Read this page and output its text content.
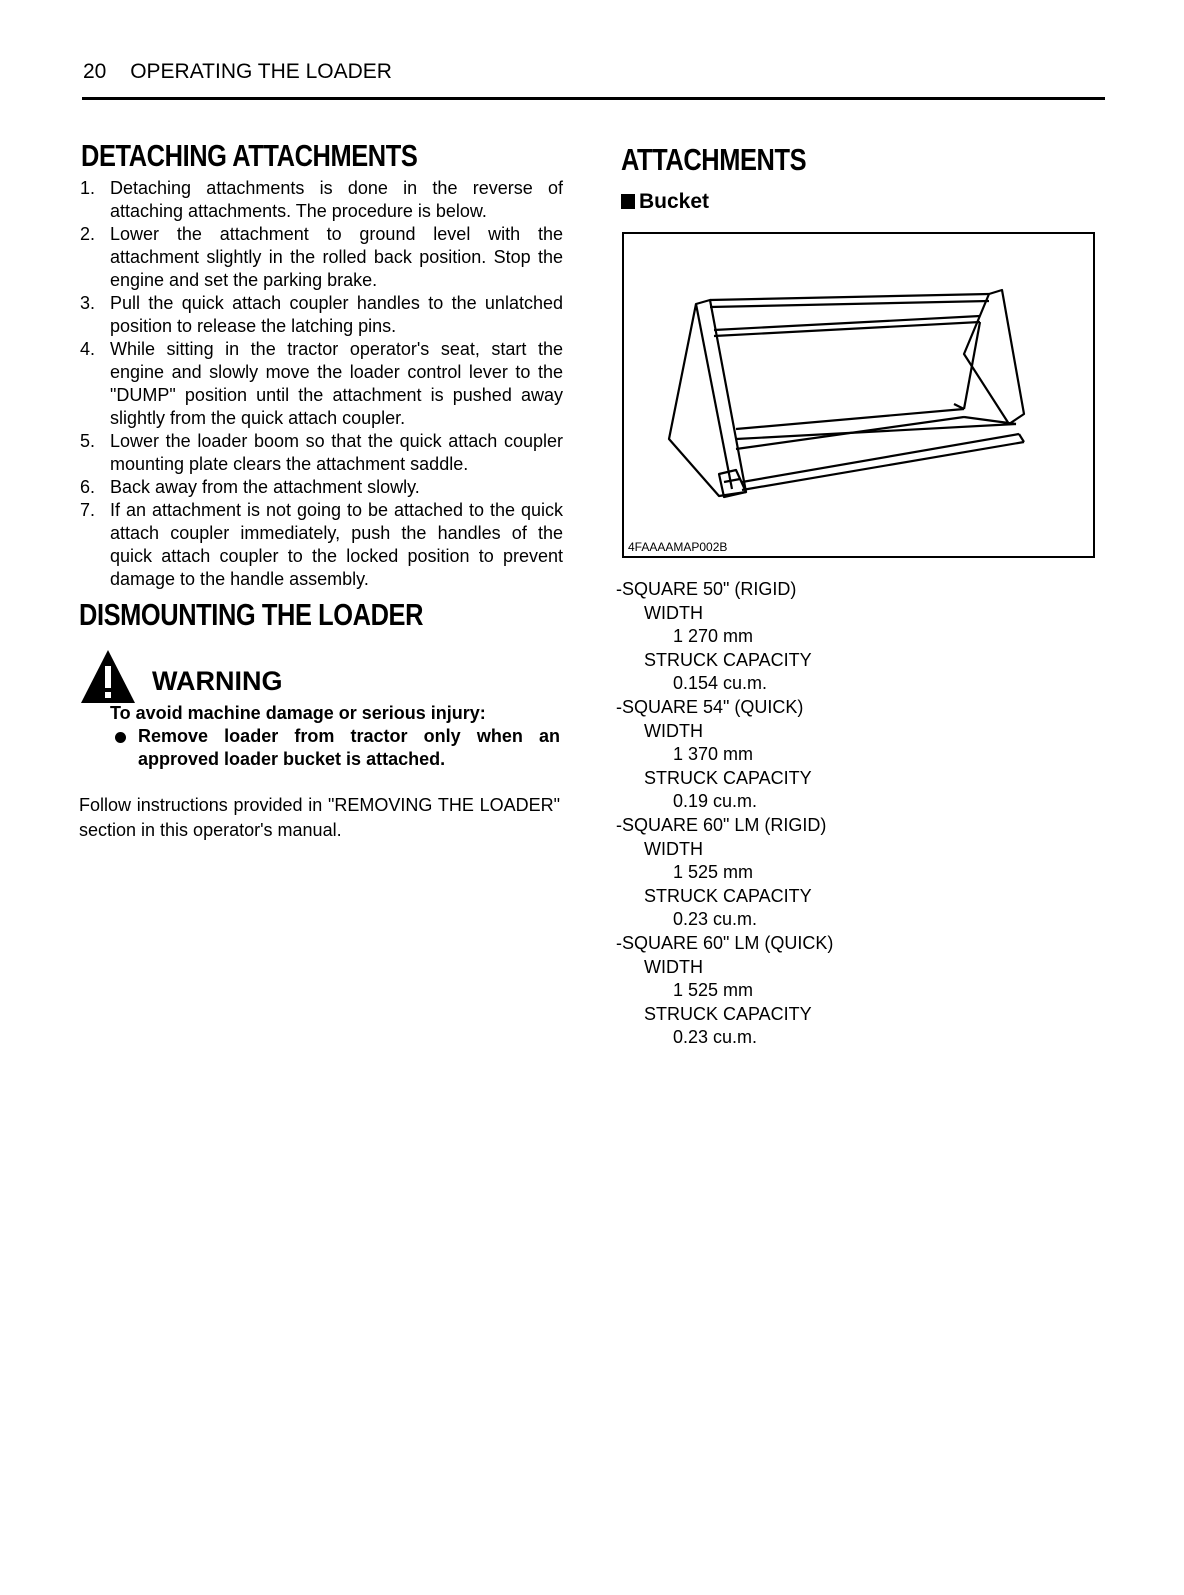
20 OPERATING THE LOADER
DETACHING ATTACHMENTS
1. Detaching attachments is done in the reverse of attaching attachments. The procedure is below.
2. Lower the attachment to ground level with the attachment slightly in the rolled back position. Stop the engine and set the parking brake.
3. Pull the quick attach coupler handles to the unlatched position to release the latching pins.
4. While sitting in the tractor operator's seat, start the engine and slowly move the loader control lever to the "DUMP" position until the attachment is pushed away slightly from the quick attach coupler.
5. Lower the loader boom so that the quick attach coupler mounting plate clears the attachment saddle.
6. Back away from the attachment slowly.
7. If an attachment is not going to be attached to the quick attach coupler immediately, push the handles of the quick attach coupler to the locked position to prevent damage to the handle assembly.
DISMOUNTING THE LOADER
WARNING
To avoid machine damage or serious injury:
Remove loader from tractor only when an approved loader bucket is attached.
Follow instructions provided in "REMOVING THE LOADER" section in this operator's manual.
ATTACHMENTS
Bucket
4FAAAAMAP002B
-SQUARE 50" (RIGID)
WIDTH
1 270 mm
STRUCK CAPACITY
0.154 cu.m.
-SQUARE 54" (QUICK)
WIDTH
1 370 mm
STRUCK CAPACITY
0.19 cu.m.
-SQUARE 60" LM (RIGID)
WIDTH
1 525 mm
STRUCK CAPACITY
0.23 cu.m.
-SQUARE 60" LM (QUICK)
WIDTH
1 525 mm
STRUCK CAPACITY
0.23 cu.m.
